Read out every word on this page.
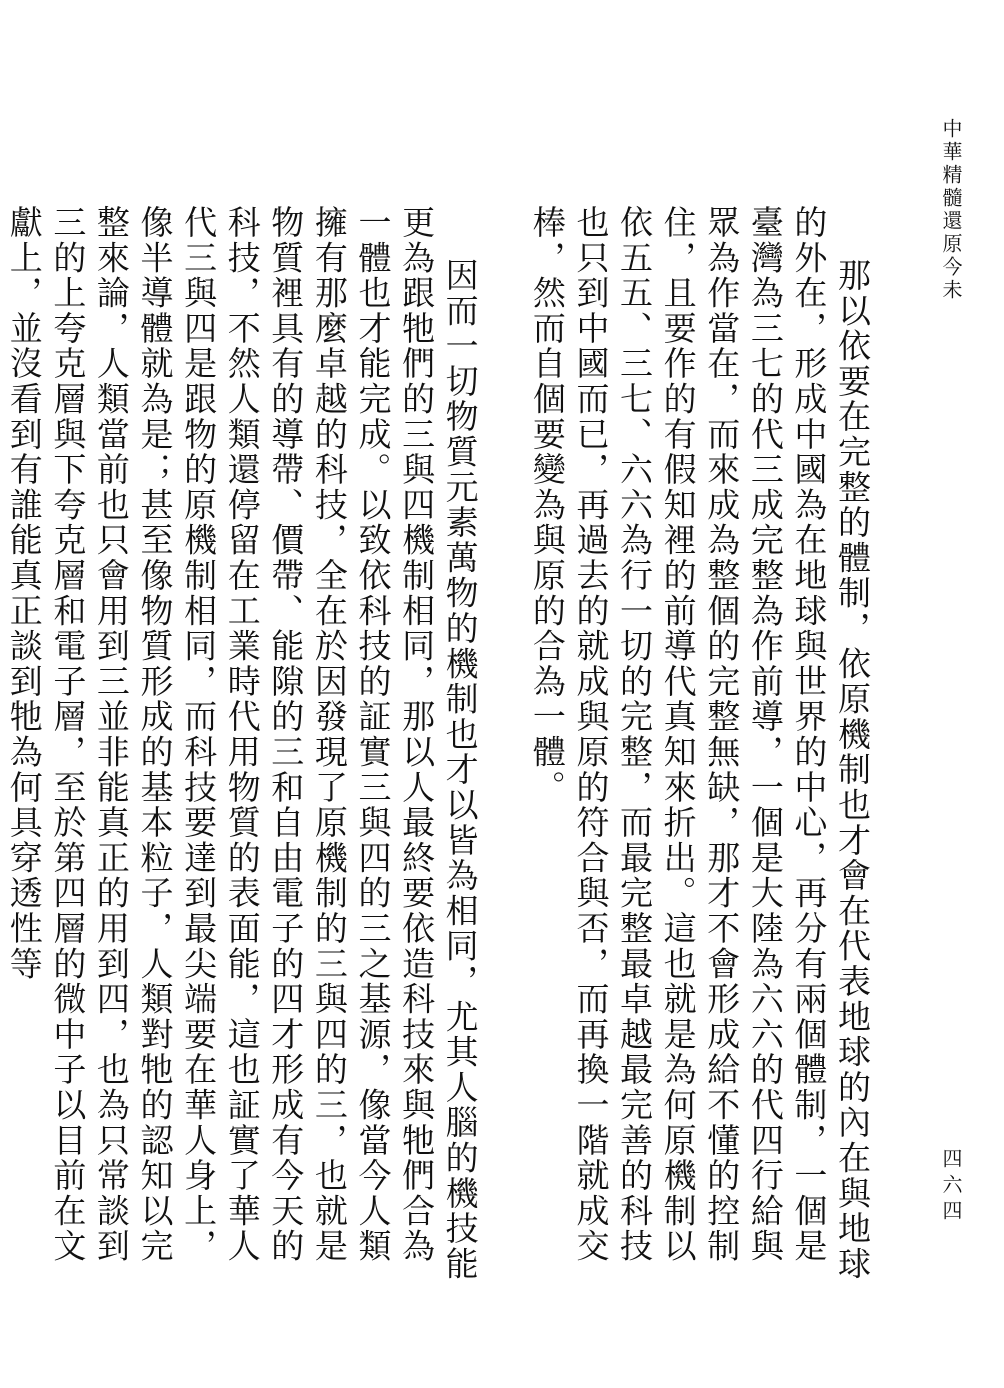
中華精髓還原今未

那以依要在完整的體制，依原機制也才會在代表地球的內在與地球的外在，形成中國為在地球與世界的中心，再分有兩個體制，一個是臺灣為三七的代三成完整為作前導，一個是大陸為六六的代四行給與眾為作當在，而來成為整個的完整無缺，那才不會形成給不懂的控制住，且要作的有假知裡的前導代真知來折出。這也就是為何原機制以依五五、三七、六六為行一切的完整，而最完整最卓越最完善的科技也只到中國而已，再過去的就成與原的符合與否，而再換一階就成交棒，然而自個要變為與原的合為一體。

因而一切物質元素萬物的機制也才以皆為相同，尤其人腦的機技能更為跟牠們的三與四機制相同，那以人最終要依造科技來與牠們合為一體也才能完成。以致依科技的証實三與四的三之基源，像當今人類擁有那麼卓越的科技，全在於因發現了原機制的三與四的三，也就是物質裡具有的導帶、價帶、能隙的三和自由電子的四才形成有今天的科技，不然人類還停留在工業時代用物質的表面能，這也証實了華人代三與四是跟物的原機制相同，而科技要達到最尖端要在華人身上，像半導體就為是；甚至像物質形成的基本粒子，人類對牠的認知以完整來論，人類當前也只會用到三並非能真正的用到四，也為只常談到三的上夸克層與下夸克層和電子層，至於第四層的微中子以目前在文獻上，並沒看到有誰能真正談到牠為何具穿透性等

四六四
